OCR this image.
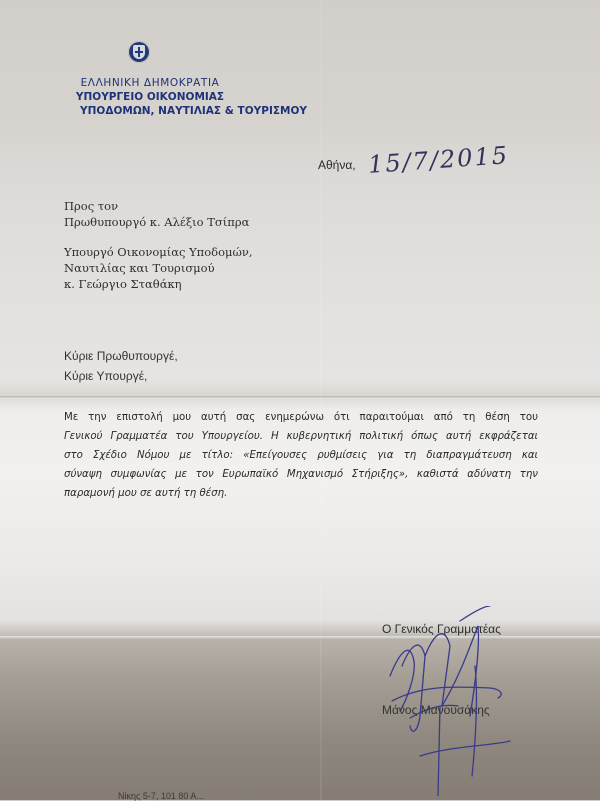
ΕΛΛΗΝΙΚΗ ΔΗΜΟΚΡΑΤΙΑ
ΥΠΟΥΡΓΕΙΟ ΟΙΚΟΝΟΜΙΑΣ
ΥΠΟΔΟΜΩΝ, ΝΑΥΤΙΛΙΑΣ & ΤΟΥΡΙΣΜΟΥ
Αθήνα, 15/7/2015
Προς τον
Πρωθυπουργό κ. Αλέξιο Τσίπρα
Υπουργό Οικονομίας Υποδομών,
Ναυτιλίας και Τουρισμού
κ. Γεώργιο Σταθάκη
Κύριε Πρωθυπουργέ,
Κύριε Υπουργέ,
Με την επιστολή μου αυτή σας ενημερώνω ότι παραιτούμαι από τη θέση του
Γενικού Γραμματέα του Υπουργείου. Η κυβερνητική πολιτική όπως αυτή εκφράζεται
στο Σχέδιο Νόμου με τίτλο: «Επείγουσες ρυθμίσεις για τη διαπραγμάτευση και
σύναψη συμφωνίας με τον Ευρωπαϊκό Μηχανισμό Στήριξης», καθιστά αδύνατη την
παραμονή μου σε αυτή τη θέση.
Ο Γενικός Γραμματέας
Μάνος Μανουσάκης
Νίκης 5-7, 101 80 Α...
